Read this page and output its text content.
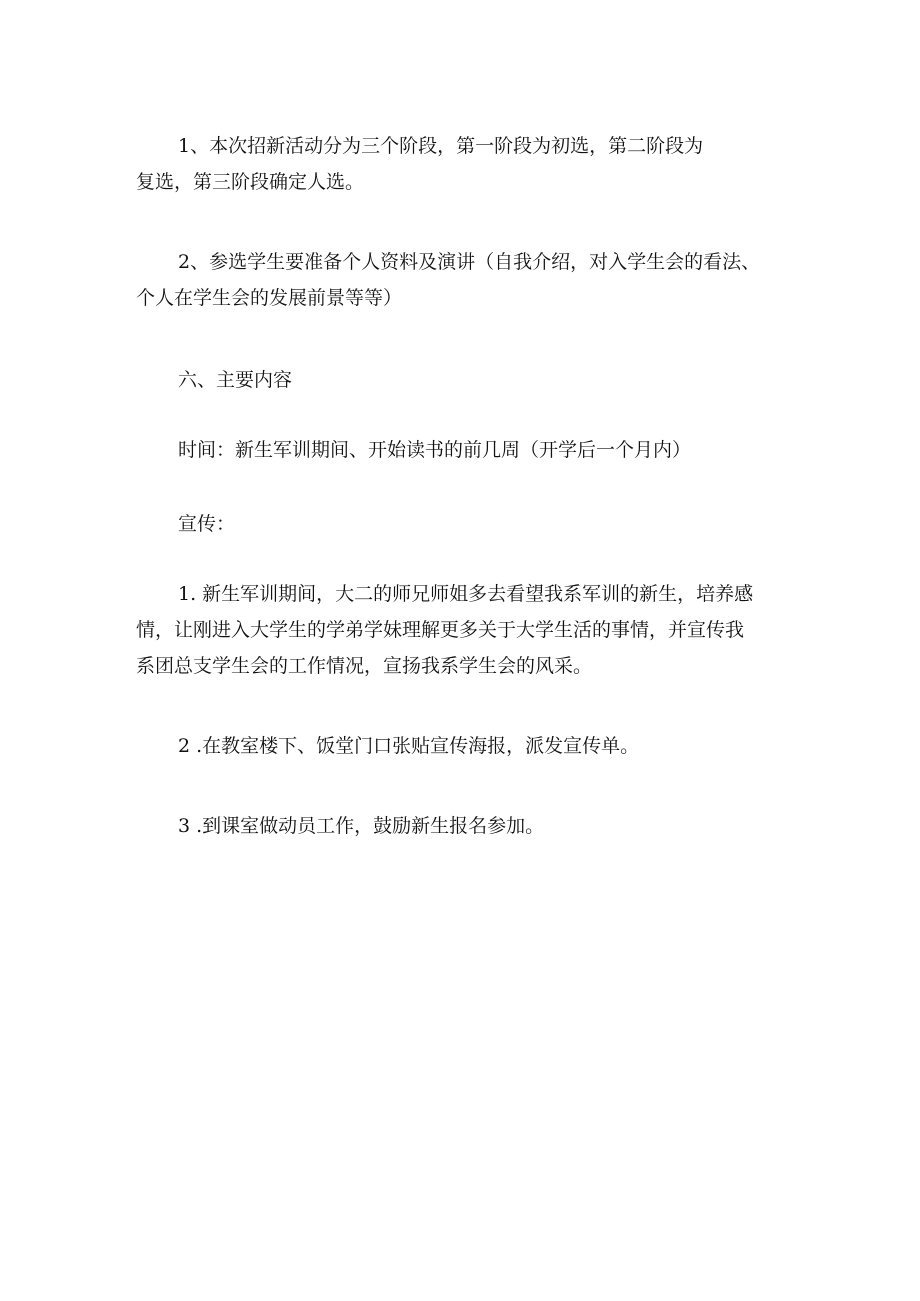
1、本次招新活动分为三个阶段，第一阶段为初选，第二阶段为
复选，第三阶段确定人选。

2、参选学生要准备个人资料及演讲（自我介绍，对入学生会的看法、
个人在学生会的发展前景等等）

六、主要内容

时间：新生军训期间、开始读书的前几周（开学后一个月内）

宣传：

1. 新生军训期间，大二的师兄师姐多去看望我系军训的新生，培养感
情，让刚进入大学生的学弟学妹理解更多关于大学生活的事情，并宣传我
系团总支学生会的工作情况，宣扬我系学生会的风采。

2 .在教室楼下、饭堂门口张贴宣传海报，派发宣传单。

3 .到课室做动员工作，鼓励新生报名参加。
